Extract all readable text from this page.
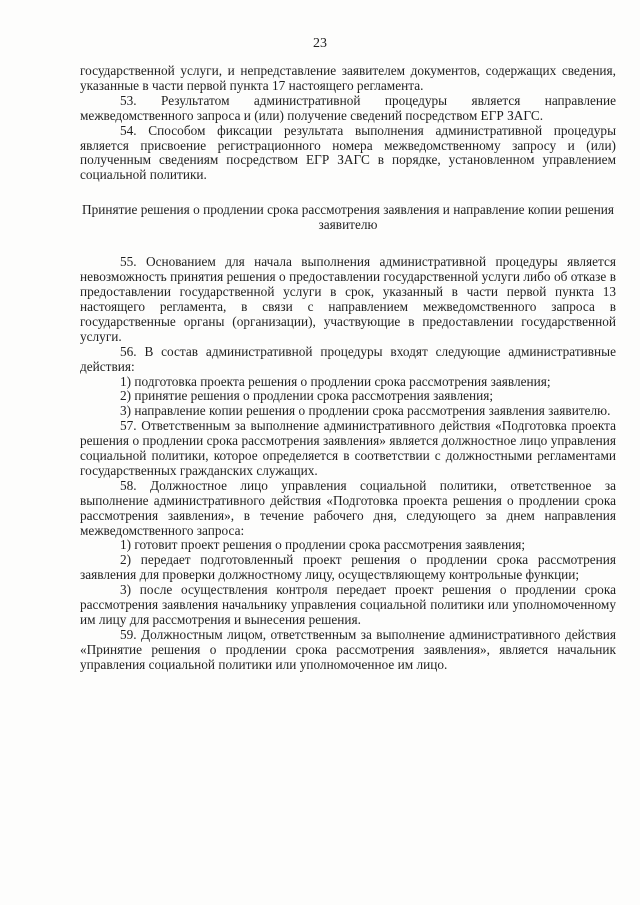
23

государственной услуги, и непредставление заявителем документов, содержащих сведения, указанные в части первой пункта 17 настоящего регламента.

53. Результатом административной процедуры является направление межведомственного запроса и (или) получение сведений посредством ЕГР ЗАГС.

54. Способом фиксации результата выполнения административной процедуры является присвоение регистрационного номера межведомственному запросу и (или) полученным сведениям посредством ЕГР ЗАГС в порядке, установленном управлением социальной политики.

Принятие решения о продлении срока рассмотрения заявления и направление копии решения заявителю

55. Основанием для начала выполнения административной процедуры является невозможность принятия решения о предоставлении государственной услуги либо об отказе в предоставлении государственной услуги в срок, указанный в части первой пункта 13 настоящего регламента, в связи с направлением межведомственного запроса в государственные органы (организации), участвующие в предоставлении государственной услуги.

56. В состав административной процедуры входят следующие административные действия:

1) подготовка проекта решения о продлении срока рассмотрения заявления;

2) принятие решения о продлении срока рассмотрения заявления;

3) направление копии решения о продлении срока рассмотрения заявления заявителю.

57. Ответственным за выполнение административного действия «Подготовка проекта решения о продлении срока рассмотрения заявления» является должностное лицо управления социальной политики, которое определяется в соответствии с должностными регламентами государственных гражданских служащих.

58. Должностное лицо управления социальной политики, ответственное за выполнение административного действия «Подготовка проекта решения о продлении срока рассмотрения заявления», в течение рабочего дня, следующего за днем направления межведомственного запроса:

1) готовит проект решения о продлении срока рассмотрения заявления;

2) передает подготовленный проект решения о продлении срока рассмотрения заявления для проверки должностному лицу, осуществляющему контрольные функции;

3) после осуществления контроля передает проект решения о продлении срока рассмотрения заявления начальнику управления социальной политики или уполномоченному им лицу для рассмотрения и вынесения решения.

59. Должностным лицом, ответственным за выполнение административного действия «Принятие решения о продлении срока рассмотрения заявления», является начальник управления социальной политики или уполномоченное им лицо.
